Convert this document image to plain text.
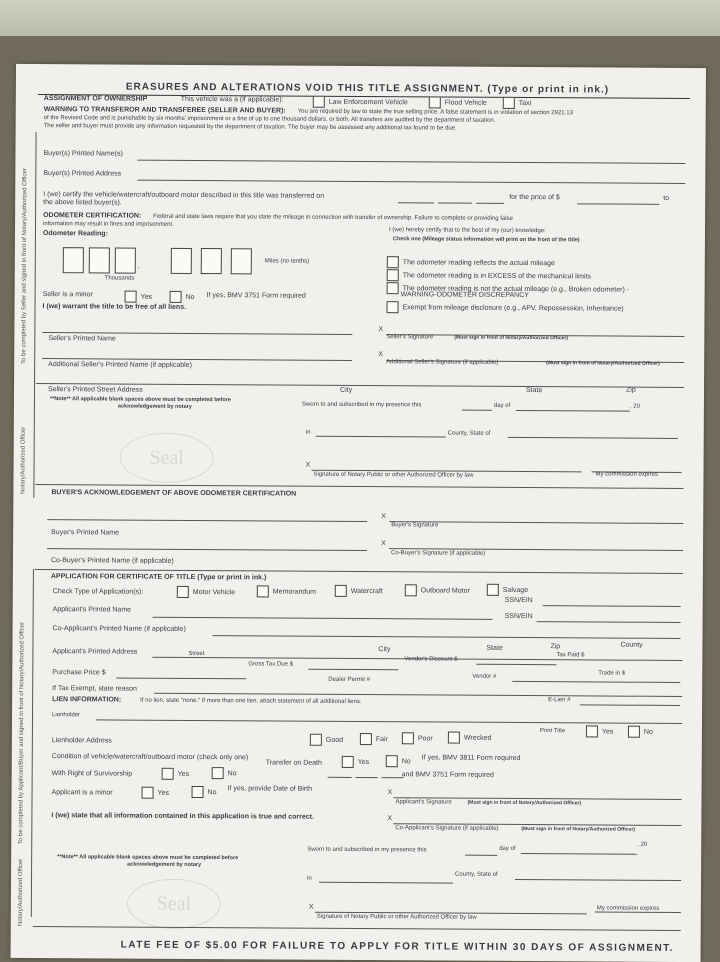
ERASURES AND ALTERATIONS VOID THIS TITLE ASSIGNMENT. (Type or print in ink.)
ASSIGNMENT OF OWNERSHIP	This vehicle was a (if applicable):	Law Enforcement Vehicle	Flood Vehicle	Taxi
WARNING TO TRANSFEROR AND TRANSFEREE (SELLER AND BUYER): You are required by law to state the true selling price. A false statement is in violation of section 2921.13
of the Revised Code and is punishable by six months' imprisonment or a fine of up to one thousand dollars, or both. All transfers are audited by the department of taxation.
The seller and buyer must provide any information requested by the department of taxation. The buyer may be assessed any additional tax found to be due.
To be completed by Seller and signed in front of Notary/Authorized Officer
Notary/Authorized Officer
Buyer(s) Printed Name(s)
Buyer(s) Printed Address
I (we) certify the vehicle/watercraft/outboard motor described in this title was transferred on	for the price of $	to
the above listed buyer(s).
ODOMETER CERTIFICATION: Federal and state laws require that you state the mileage in connection with transfer of ownership. Failure to complete or providing false
information may result in fines and imprisonment.
Odometer Reading:	I (we) hereby certify that to the best of my (our) knowledge:
Check one (Mileage status information will print on the front of the title)
,
Miles (no tenths)
Thousands
The odometer reading reflects the actual mileage
The odometer reading is in EXCESS of the mechanical limits
The odometer reading is not the actual mileage (e.g., Broken odometer) -
WARNING-ODOMETER DISCREPANCY
Exempt from mileage disclosure (e.g., APV, Repossession, Inheritance)
Seller is a minor	Yes	No If yes, BMV 3751 Form required
I (we) warrant the title to be free of all liens.
X
Seller's Printed Name	Seller's Signature	(Must sign in front of Notary/Authorized Officer)
X
Additional Seller's Printed Name (if applicable)	Additional Seller's Signature (if applicable)	(Must sign in front of Notary/Authorized Officer)
Seller's Printed Street Address	City	State	Zip
**Note** All applicable blank spaces above must be completed before
acknowledgement by notary	Sworn to and subscribed in my presence this	day of	, 20
in	County, State of
Seal	X
Signature of Notary Public or other Authorized Officer by law	My commission expires
BUYER'S ACKNOWLEDGEMENT OF ABOVE ODOMETER CERTIFICATION
X
Buyer's Printed Name
Buyer's Signature
X
Co-Buyer's Printed Name (if applicable)
Co-Buyer's Signature (if applicable)
To be completed by Applicant/Buyer and signed in front of Notary/Authorized Officer
Notary/Authorized Officer
APPLICATION FOR CERTIFICATE OF TITLE (Type or print in ink.)
Check Type of Application(s):	Motor Vehicle	Memorandum	Watercraft	Outboard Motor	Salvage
SSN/EIN
Applicant's Printed Name
SSN/EIN
Co-Applicant's Printed Name (if applicable)
Applicant's Printed Address	Street
City	State	Zip	County
Tax Paid $
Purchase Price $
Gross Tax Due $
Vendor's Discount $
Trade in $
Dealer Permit #
Vendor #
If Tax Exempt, state reason
LIEN INFORMATION:	If no lien, state "none." If more than one lien, attach statement of all additional liens.	E-Lien #
Lienholder
Print Title	Yes	No
Lienholder Address	Good	Fair	Poor	Wrecked
Condition of vehicle/watercraft/outboard motor (check only one)
With Right of Survivorship	Yes	No
Transfer on Death	Yes	No If yes, BMV 3811 Form required
and BMV 3751 Form required
Applicant is a minor	Yes	No If yes, provide Date of Birth	X
Applicant's Signature	(Must sign in front of Notary/Authorized Officer)
I (we) state that all information contained in this application is true and correct.	X
Co-Applicant's Signature (if applicable)	(Must sign in front of Notary/Authorized Officer)
**Note** All applicable blank spaces above must be completed before
acknowledgement by notary
Sworn to and subscribed in my presence this	day of
, 20
in
County, State of
Seal	X
Signature of Notary Public or other Authorized Officer by law
My commission expires
LATE FEE OF $5.00 FOR FAILURE TO APPLY FOR TITLE WITHIN 30 DAYS OF ASSIGNMENT.
